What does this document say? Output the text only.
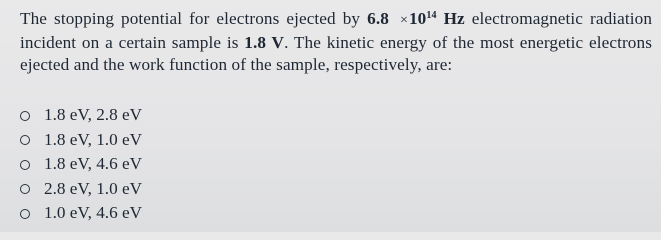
The stopping potential for electrons ejected by $6.8 \times 10^{14}$ Hz electromagnetic radiation incident on a certain sample is 1.8 V. The kinetic energy of the most energetic electrons ejected and the work function of the sample, respectively, are:
1.8 eV, 2.8 eV
1.8 eV, 1.0 eV
1.8 eV, 4.6 eV
2.8 eV, 1.0 eV
1.0 eV, 4.6 eV
